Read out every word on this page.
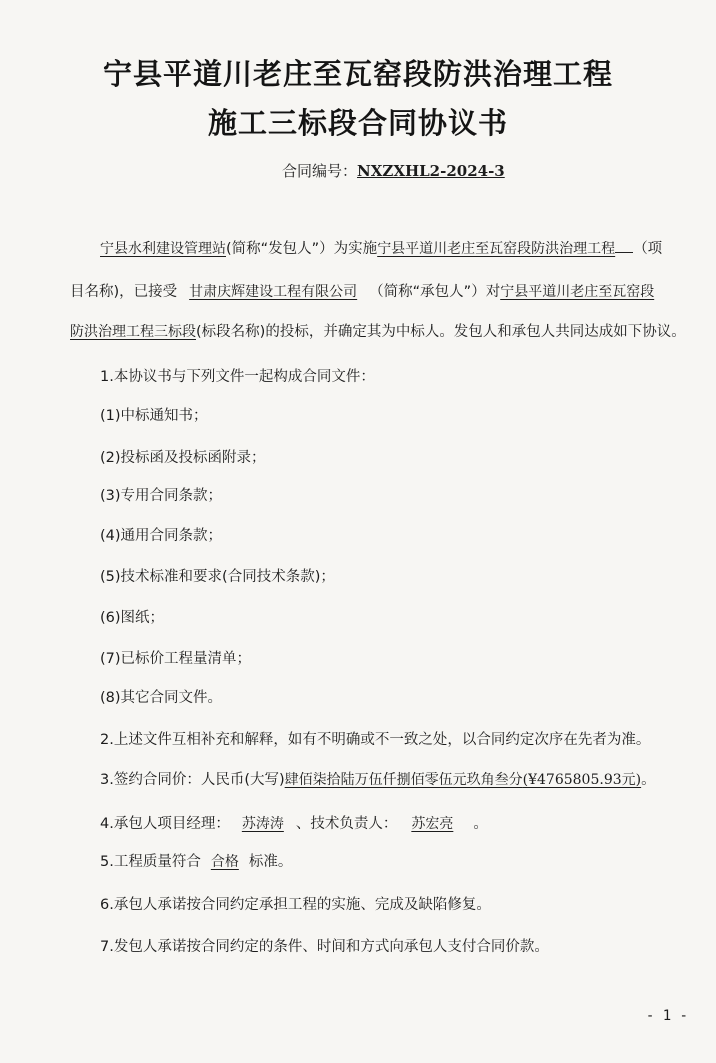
宁县平道川老庄至瓦窑段防洪治理工程
施工三标段合同协议书
合同编号：NXZXHL2-2024-3
宁县水利建设管理站(简称“发包人”）为实施宁县平道川老庄至瓦窑段防洪治理工程 （项
目名称)，已接受 甘肃庆辉建设工程有限公司 （简称“承包人”）对宁县平道川老庄至瓦窑段
防洪治理工程三标段(标段名称)的投标，并确定其为中标人。发包人和承包人共同达成如下协议。
1.本协议书与下列文件一起构成合同文件：
(1)中标通知书；
(2)投标函及投标函附录；
(3)专用合同条款；
(4)通用合同条款；
(5)技术标准和要求(合同技术条款)；
(6)图纸；
(7)已标价工程量清单；
(8)其它合同文件。
2.上述文件互相补充和解释，如有不明确或不一致之处，以合同约定次序在先者为准。
3.签约合同价：人民币(大写)肆佰柒拾陆万伍仟捌佰零伍元玖角叁分(¥4765805.93元)。
4.承包人项目经理： 苏涛涛 、技术负责人： 苏宏亮 。
5.工程质量符合 合格 标准。
6.承包人承诺按合同约定承担工程的实施、完成及缺陷修复。
7.发包人承诺按合同约定的条件、时间和方式向承包人支付合同价款。
- 1 -
